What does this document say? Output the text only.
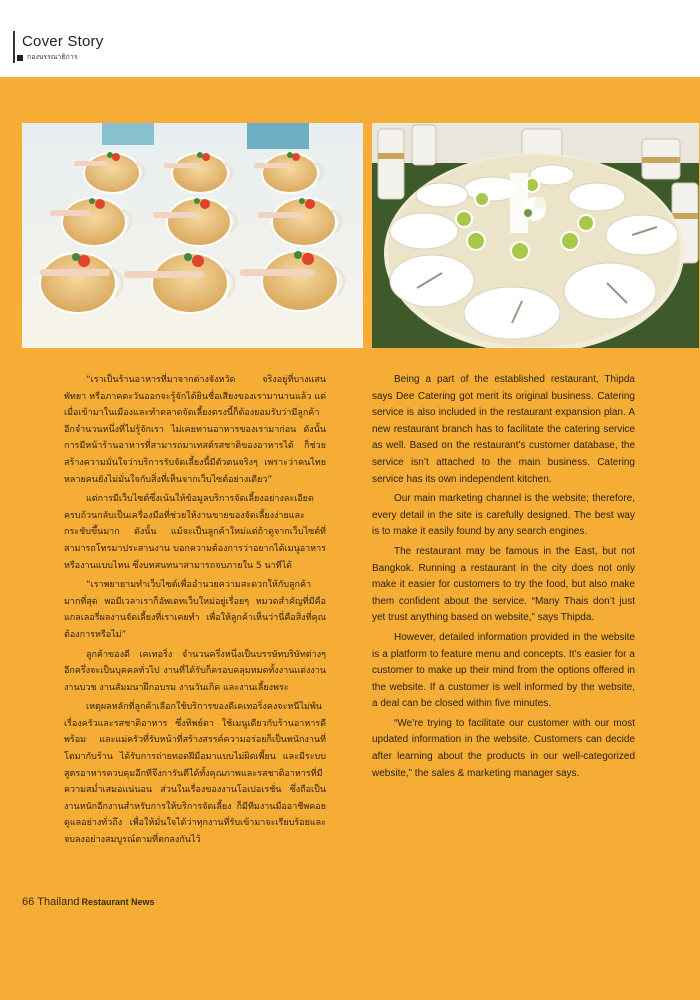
Cover Story
กองบรรณาธิการ

“เราเป็นร้านอาหารที่มาจากต่างจังหวัด จริงอยู่ที่บางแสน พัทยา หรือภาคตะวันออกจะรู้จักได้ยินชื่อเสียงของเรามานานแล้ว แต่เมื่อเข้ามาในเมืองและทำตลาดจัดเลี้ยงตรงนี้ก็ต้องยอมรับว่ามีลูกค้าอีกจำนวนหนึ่งที่ไม่รู้จักเรา ไม่เคยทานอาหารของเรามาก่อน ดังนั้น การมีหน้าร้านอาหารที่สามารถมาเทสต์รสชาติของอาหารได้ ก็ช่วยสร้างความมั่นใจว่าบริการรับจัดเลี้ยงนี้มีตัวตนจริงๆ เพราะว่าคนไทยหลายคนยังไม่มั่นใจกับสิ่งที่เห็นจากเว็บไซต์อย่างเดียว”

แต่การมีเว็บไซต์ซึ่งเน้นให้ข้อมูลบริการจัดเลี้ยงอย่างละเอียดครบถ้วนกลับเป็นเครื่องมือที่ช่วยให้งานขายของจัดเลี้ยงง่ายและกระชับขึ้นมาก ดังนั้น แม้จะเป็นลูกค้าใหม่แต่ถ้าดูจากเว็บไซต์ที่สามารถโทรมาประสานงาน บอกความต้องการว่าอยากได้เมนูอาหารหรืองานแบบไหน ซึ่งบทสนทนาสามารถจบภายใน 5 นาทีได้

“เราพยายามทำเว็บไซต์เพื่ออำนวยความสะดวกให้กับลูกค้ามากที่สุด พอมีเวลาเราก็อัพเดทเว็บใหม่อยู่เรื่อยๆ หมวดสำคัญที่มีคือแกลเลอรี่ผลงานจัดเลี้ยงที่เราเคยทำ เพื่อให้ลูกค้าเห็นว่านี่คือสิ่งที่คุณต้องการหรือไม่”

ลูกค้าของดี เคเทอริ่ง จำนวนครึ่งหนึ่งเป็นบรรษัทบริษัทต่างๆ อีกครึ่งจะเป็นบุคคลทั่วไป งานที่ได้รับก็ครอบคลุมหมดทั้งงานแต่งงาน งานบวช งานสัมมนาฝึกอบรม งานวันเกิด และงานเลี้ยงพระ

เหตุผลหลักที่ลูกค้าเลือกใช้บริการของดีเคเทอริ่งคงจะหนีไม่พ้นเรื่องครัวและรสชาติอาหาร ซึ่งทิพย์ดา ใช้เมนูเดียวกับร้านอาหารดีพร้อม และแม่ครัวที่รับหน้าที่สร้างสรรค์ความอร่อยก็เป็นพนักงานที่โตมากับร้าน ได้รับการถ่ายทอดฝีมือมาแบบไม่ผิดเพี้ยน และมีระบบสูตรอาหารควบคุมอีกทีจึงการันตีได้ทั้งคุณภาพและรสชาติอาหารที่มีความสม่ำเสมอแน่นอน ส่วนในเรื่องของงานโอเปอเรชั่น ซึ่งถือเป็นงานหนักอีกงานสำหรับการให้บริการจัดเลี้ยง ก็มีทีมงานมืออาชีพคอยดูแลอย่างทั่วถึง เพื่อให้มั่นใจได้ว่าทุกงานที่รับเข้ามาจะเรียบร้อยและจบลงอย่างสมบูรณ์ตามที่ตกลงกันไว้

Being a part of the established restaurant, Thipda says Dee Catering got merit its original business. Catering service is also included in the restaurant expansion plan. A new restaurant branch has to facilitate the catering service as well. Based on the restaurant’s customer database, the service isn’t attached to the main business. Catering service has its own independent kitchen.

Our main marketing channel is the website; therefore, every detail in the site is carefully designed. The best way is to make it easily found by any search engines.

The restaurant may be famous in the East, but not Bangkok. Running a restaurant in the city does not only make it easier for customers to try the food, but also make them confident about the service. “Many Thais don’t just yet trust anything based on website,” says Thipda.

However, detailed information provided in the website is a platform to feature menu and concepts. It’s easier for a customer to make up their mind from the options offered in the website. If a customer is well informed by the website, a deal can be closed within five minutes.

“We’re trying to facilitate our customer with our most updated information in the website. Customers can decide after learning about the products in our well-categorized website,” the sales & marketing manager says.

66 Thailand Restaurant News
